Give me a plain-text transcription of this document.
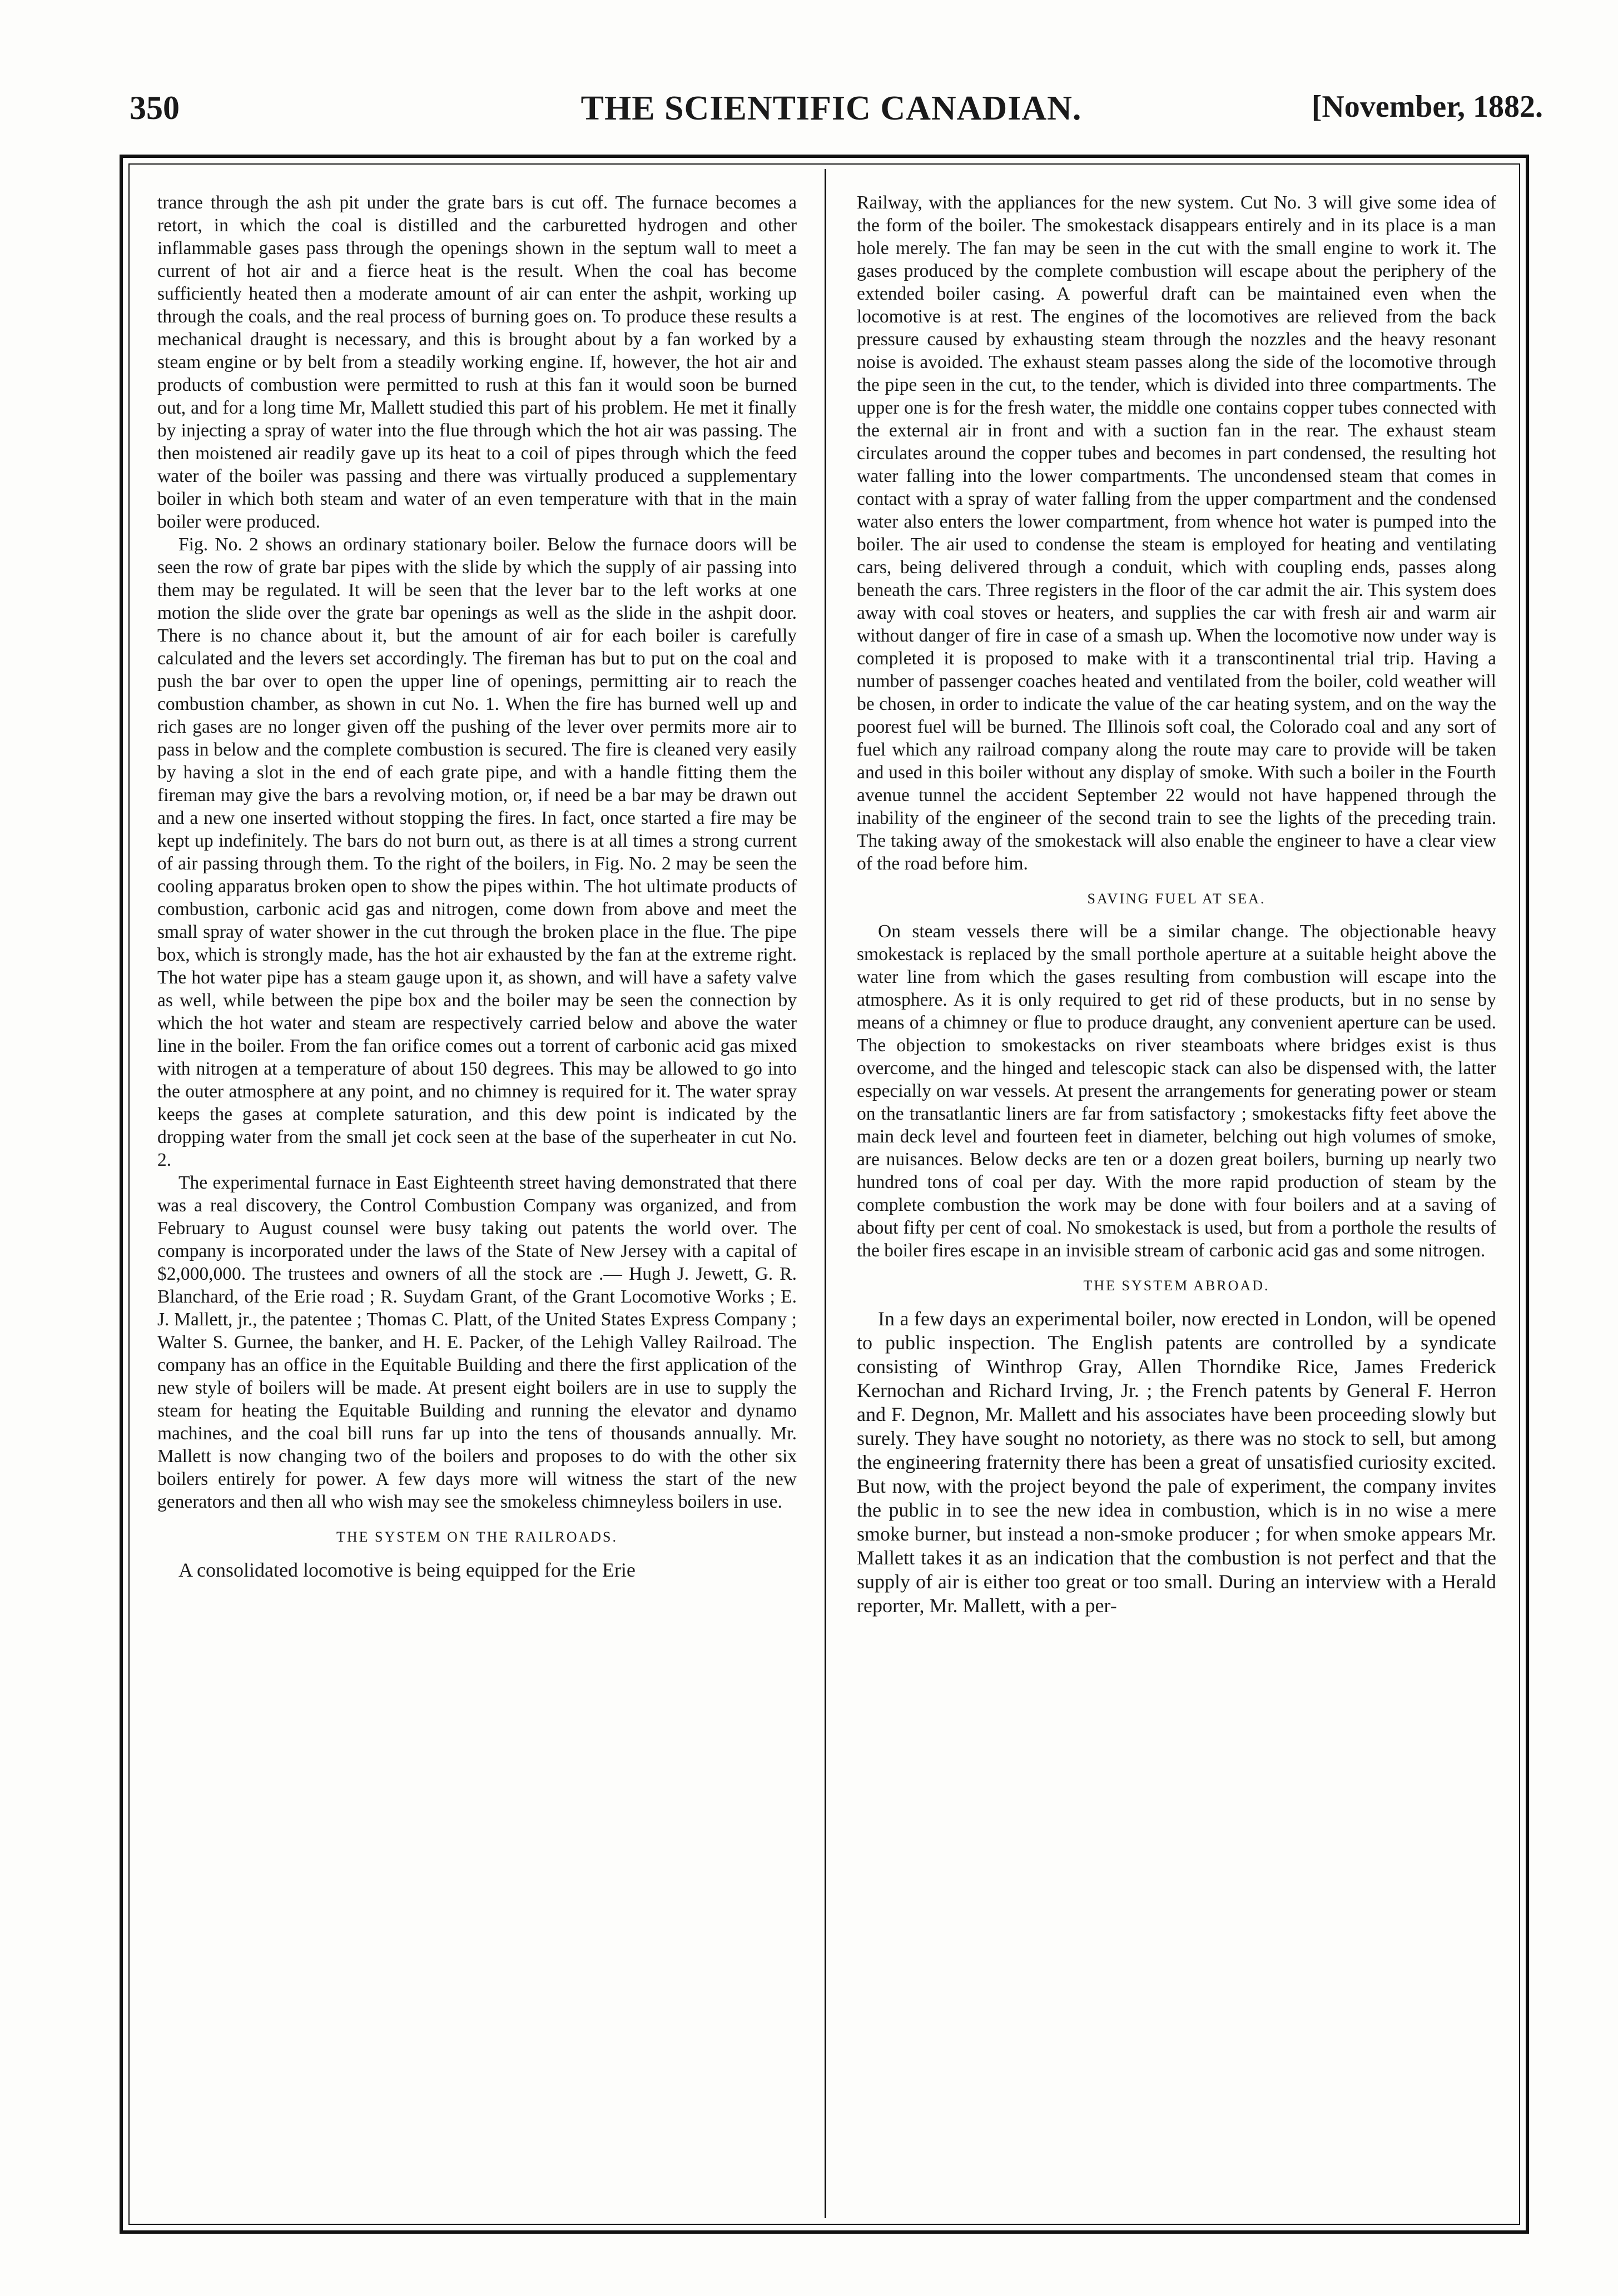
350	THE SCIENTIFIC CANADIAN.	[November, 1882.

trance through the ash pit under the grate bars is cut off. The furnace becomes a retort, in which the coal is distilled and the carburetted hydrogen and other inflammable gases pass through the openings shown in the septum wall to meet a current of hot air and a fierce heat is the result. When the coal has become sufficiently heated then a moderate amount of air can enter the ashpit, working up through the coals, and the real process of burning goes on. To produce these results a mechanical draught is necessary, and this is brought about by a fan worked by a steam engine or by belt from a steadily working engine. If, however, the hot air and products of combustion were permitted to rush at this fan it would soon be burned out, and for a long time Mr, Mallett studied this part of his problem. He met it finally by injecting a spray of water into the flue through which the hot air was passing. The then moistened air readily gave up its heat to a coil of pipes through which the feed water of the boiler was passing and there was virtually produced a supplementary boiler in which both steam and water of an even temperature with that in the main boiler were produced.

Fig. No. 2 shows an ordinary stationary boiler. Below the furnace doors will be seen the row of grate bar pipes with the slide by which the supply of air passing into them may be regulated. It will be seen that the lever bar to the left works at one motion the slide over the grate bar openings as well as the slide in the ashpit door. There is no chance about it, but the amount of air for each boiler is carefully calculated and the levers set accordingly. The fireman has but to put on the coal and push the bar over to open the upper line of openings, permitting air to reach the combustion chamber, as shown in cut No. 1. When the fire has burned well up and rich gases are no longer given off the pushing of the lever over permits more air to pass in below and the complete combustion is secured. The fire is cleaned very easily by having a slot in the end of each grate pipe, and with a handle fitting them the fireman may give the bars a revolving motion, or, if need be a bar may be drawn out and a new one inserted without stopping the fires. In fact, once started a fire may be kept up indefinitely. The bars do not burn out, as there is at all times a strong current of air passing through them. To the right of the boilers, in Fig. No. 2 may be seen the cooling apparatus broken open to show the pipes within. The hot ultimate products of combustion, carbonic acid gas and nitrogen, come down from above and meet the small spray of water shower in the cut through the broken place in the flue. The pipe box, which is strongly made, has the hot air exhausted by the fan at the extreme right. The hot water pipe has a steam gauge upon it, as shown, and will have a safety valve as well, while between the pipe box and the boiler may be seen the connection by which the hot water and steam are respectively carried below and above the water line in the boiler. From the fan orifice comes out a torrent of carbonic acid gas mixed with nitrogen at a temperature of about 150 degrees. This may be allowed to go into the outer atmosphere at any point, and no chimney is required for it. The water spray keeps the gases at complete saturation, and this dew point is indicated by the dropping water from the small jet cock seen at the base of the superheater in cut No. 2.

The experimental furnace in East Eighteenth street having demonstrated that there was a real discovery, the Control Combustion Company was organized, and from February to August counsel were busy taking out patents the world over. The company is incorporated under the laws of the State of New Jersey with a capital of $2,000,000. The trustees and owners of all the stock are .— Hugh J. Jewett, G. R. Blanchard, of the Erie road ; R. Suydam Grant, of the Grant Locomotive Works ; E. J. Mallett, jr., the patentee ; Thomas C. Platt, of the United States Express Company ; Walter S. Gurnee, the banker, and H. E. Packer, of the Lehigh Valley Railroad. The company has an office in the Equitable Building and there the first application of the new style of boilers will be made. At present eight boilers are in use to supply the steam for heating the Equitable Building and running the elevator and dynamo machines, and the coal bill runs far up into the tens of thousands annually. Mr. Mallett is now changing two of the boilers and proposes to do with the other six boilers entirely for power. A few days more will witness the start of the new generators and then all who wish may see the smokeless chimneyless boilers in use.

THE SYSTEM ON THE RAILROADS.

A consolidated locomotive is being equipped for the Erie

Railway, with the appliances for the new system. Cut No. 3 will give some idea of the form of the boiler. The smokestack disappears entirely and in its place is a man hole merely. The fan may be seen in the cut with the small engine to work it. The gases produced by the complete combustion will escape about the periphery of the extended boiler casing. A powerful draft can be maintained even when the locomotive is at rest. The engines of the locomotives are relieved from the back pressure caused by exhausting steam through the nozzles and the heavy resonant noise is avoided. The exhaust steam passes along the side of the locomotive through the pipe seen in the cut, to the tender, which is divided into three compartments. The upper one is for the fresh water, the middle one contains copper tubes connected with the external air in front and with a suction fan in the rear. The exhaust steam circulates around the copper tubes and becomes in part condensed, the resulting hot water falling into the lower compartments. The uncondensed steam that comes in contact with a spray of water falling from the upper compartment and the condensed water also enters the lower compartment, from whence hot water is pumped into the boiler. The air used to condense the steam is employed for heating and ventilating cars, being delivered through a conduit, which with coupling ends, passes along beneath the cars. Three registers in the floor of the car admit the air. This system does away with coal stoves or heaters, and supplies the car with fresh air and warm air without danger of fire in case of a smash up. When the locomotive now under way is completed it is proposed to make with it a transcontinental trial trip. Having a number of passenger coaches heated and ventilated from the boiler, cold weather will be chosen, in order to indicate the value of the car heating system, and on the way the poorest fuel will be burned. The Illinois soft coal, the Colorado coal and any sort of fuel which any railroad company along the route may care to provide will be taken and used in this boiler without any display of smoke. With such a boiler in the Fourth avenue tunnel the accident September 22 would not have happened through the inability of the engineer of the second train to see the lights of the preceding train. The taking away of the smokestack will also enable the engineer to have a clear view of the road before him.

SAVING FUEL AT SEA.

On steam vessels there will be a similar change. The objectionable heavy smokestack is replaced by the small porthole aperture at a suitable height above the water line from which the gases resulting from combustion will escape into the atmosphere. As it is only required to get rid of these products, but in no sense by means of a chimney or flue to produce draught, any convenient aperture can be used. The objection to smokestacks on river steamboats where bridges exist is thus overcome, and the hinged and telescopic stack can also be dispensed with, the latter especially on war vessels. At present the arrangements for generating power or steam on the transatlantic liners are far from satisfactory ; smokestacks fifty feet above the main deck level and fourteen feet in diameter, belching out high volumes of smoke, are nuisances. Below decks are ten or a dozen great boilers, burning up nearly two hundred tons of coal per day. With the more rapid production of steam by the complete combustion the work may be done with four boilers and at a saving of about fifty per cent of coal. No smokestack is used, but from a porthole the results of the boiler fires escape in an invisible stream of carbonic acid gas and some nitrogen.

THE SYSTEM ABROAD.

In a few days an experimental boiler, now erected in London, will be opened to public inspection. The English patents are controlled by a syndicate consisting of Winthrop Gray, Allen Thorndike Rice, James Frederick Kernochan and Richard Irving, Jr. ; the French patents by General F. Herron and F. Degnon, Mr. Mallett and his associates have been proceeding slowly but surely. They have sought no notoriety, as there was no stock to sell, but among the engineering fraternity there has been a great of unsatisfied curiosity excited. But now, with the project beyond the pale of experiment, the company invites the public in to see the new idea in combustion, which is in no wise a mere smoke burner, but instead a non-smoke producer ; for when smoke appears Mr. Mallett takes it as an indication that the combustion is not perfect and that the supply of air is either too great or too small. During an interview with a Herald reporter, Mr. Mallett, with a per-
